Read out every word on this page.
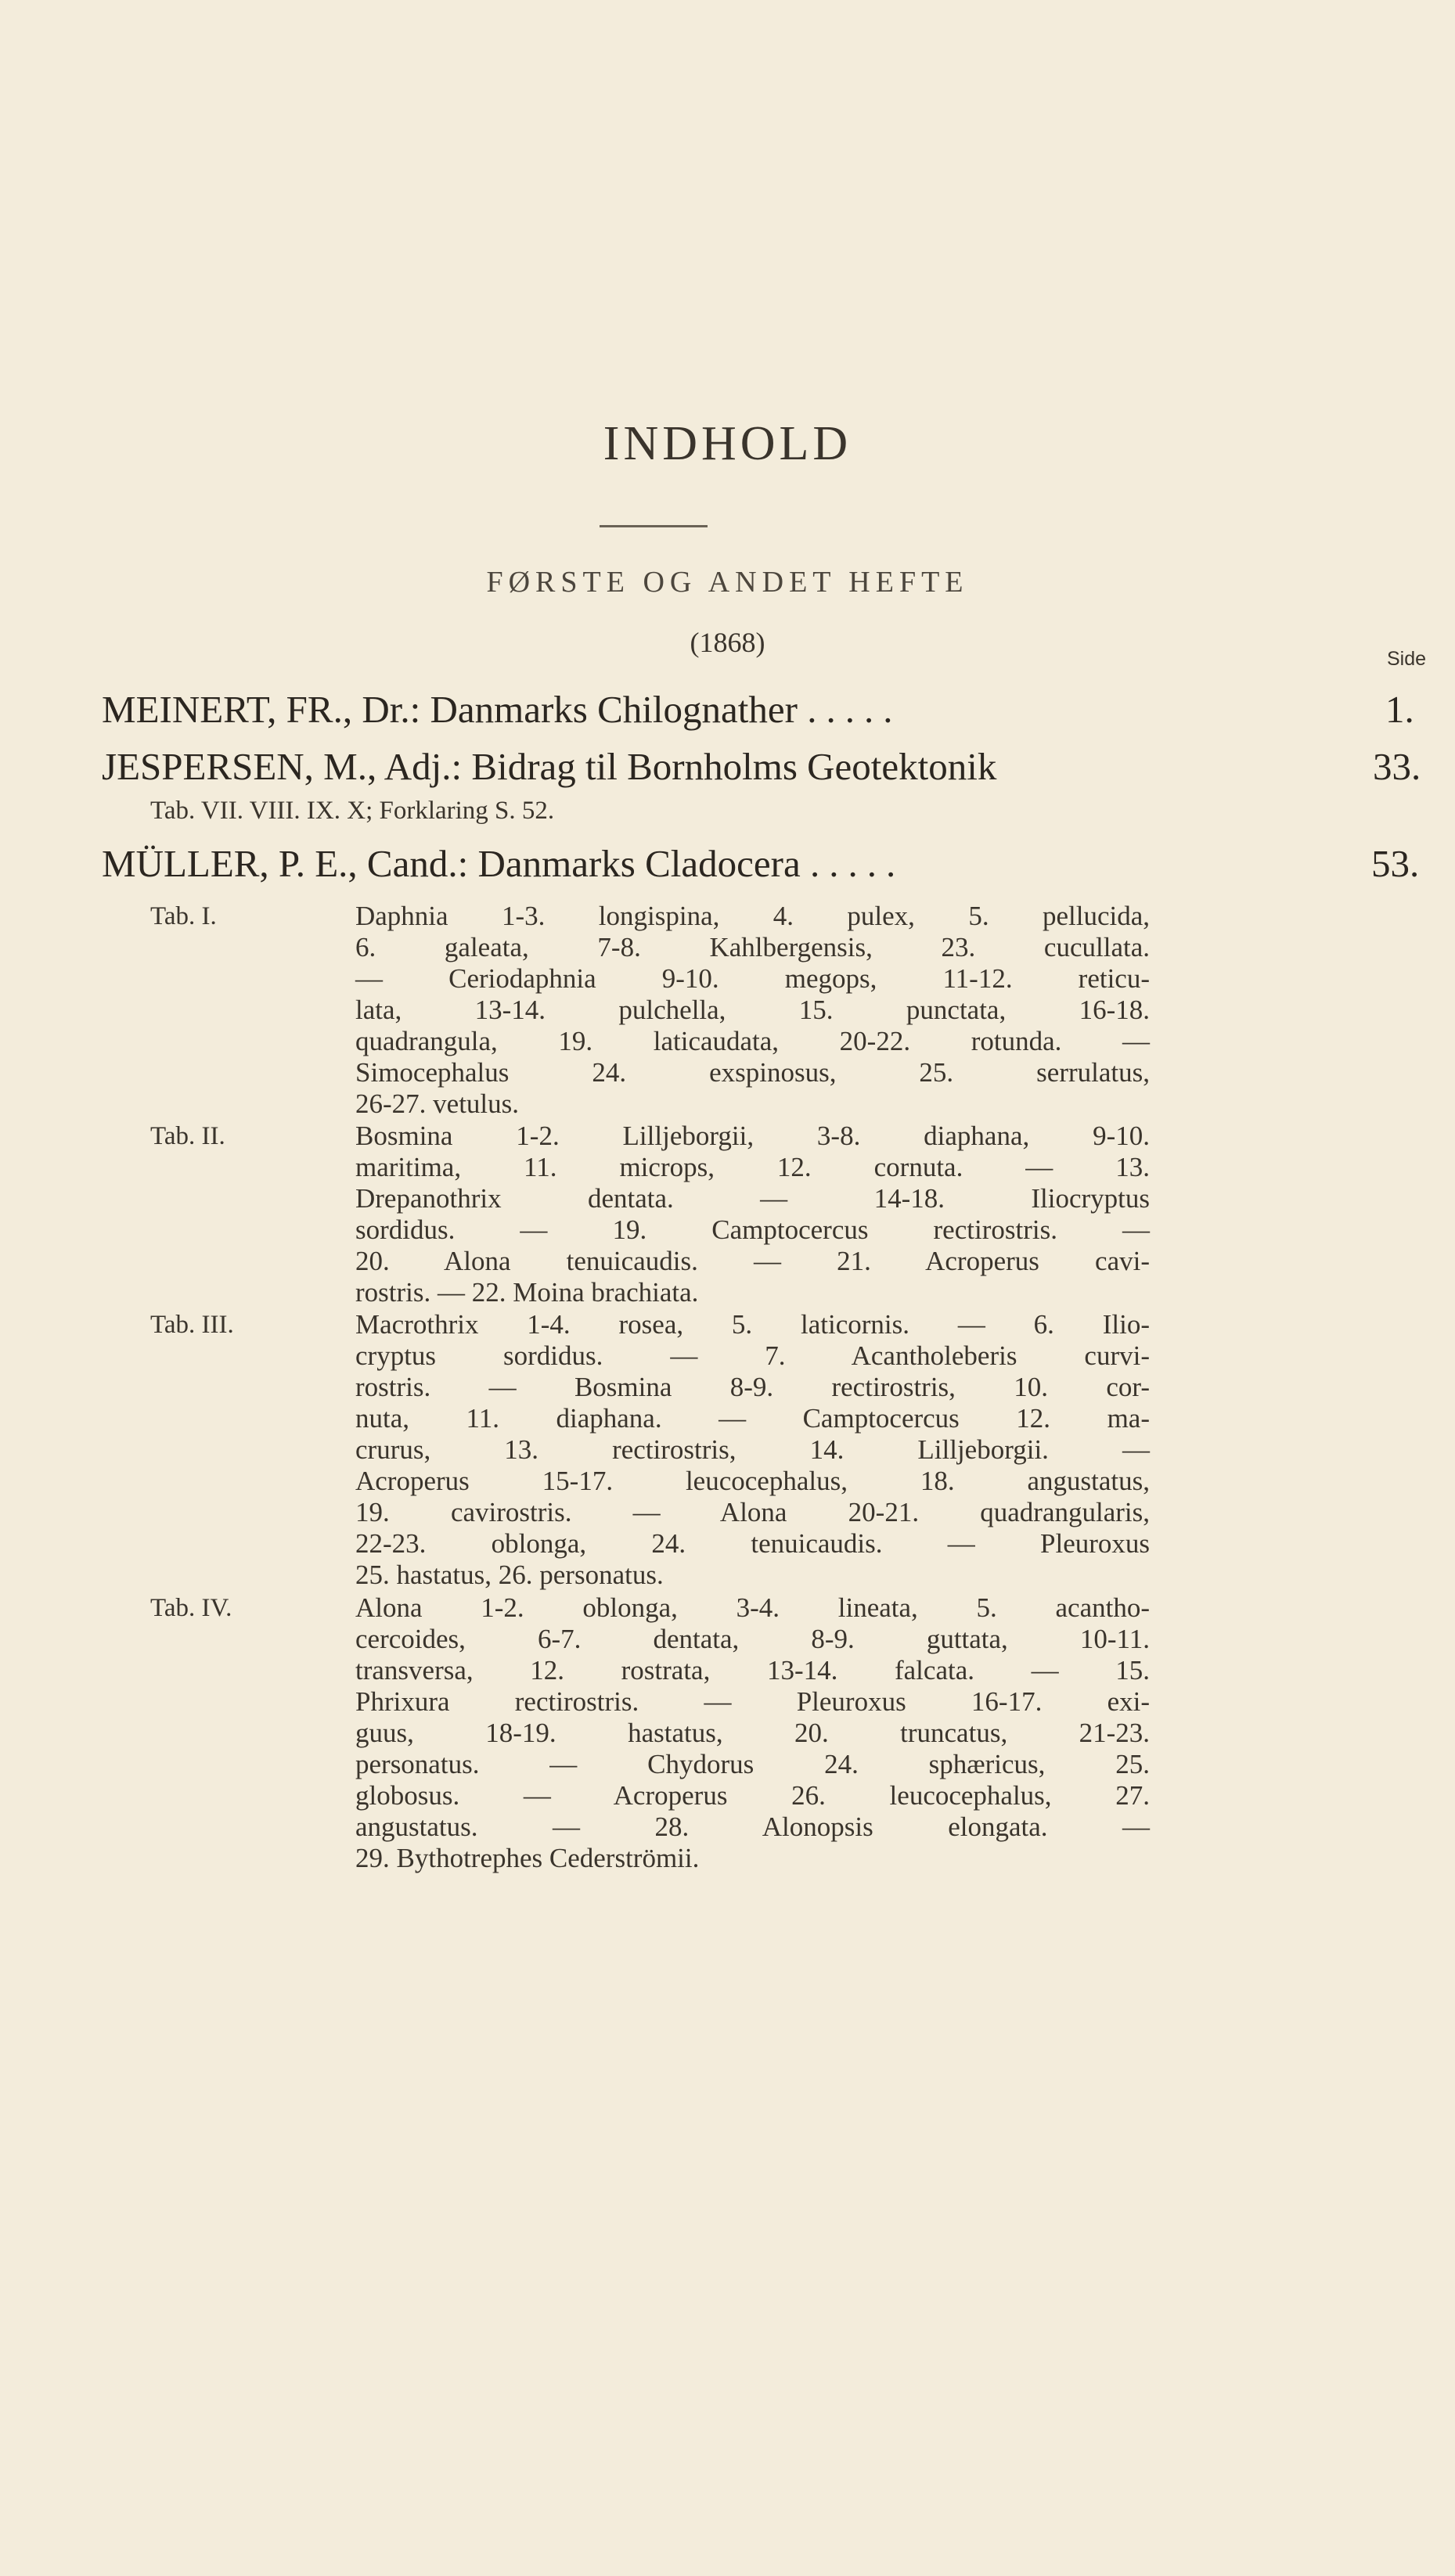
INDHOLD
FØRSTE OG ANDET HEFTE
(1868)
Side
MEINERT, FR., Dr.: Danmarks Chilognather .....	1.
JESPERSEN, M., Adj.: Bidrag til Bornholms Geotektonik	33.
Tab. VII. VIII. IX. X; Forklaring S. 52.
MÜLLER, P. E., Cand.: Danmarks Cladocera .....	53.
Tab. I.	Daphnia 1-3. longispina, 4. pulex, 5. pellucida,
6. galeata, 7-8. Kahlbergensis, 23. cucullata.
— Ceriodaphnia 9-10. megops, 11-12. reticu-
lata, 13-14. pulchella, 15. punctata, 16-18.
quadrangula, 19. laticaudata, 20-22. rotunda. —
Simocephalus 24. exspinosus, 25. serrulatus,
26-27. vetulus.
Tab. II.	Bosmina 1-2. Lilljeborgii, 3-8. diaphana, 9-10.
maritima, 11. microps, 12. cornuta. — 13.
Drepanothrix dentata. — 14-18. Iliocryptus
sordidus. — 19. Camptocercus rectirostris. —
20. Alona tenuicaudis. — 21. Acroperus cavi-
rostris. — 22. Moina brachiata.
Tab. III.	Macrothrix 1-4. rosea, 5. laticornis. — 6. Ilio-
cryptus sordidus. — 7. Acantholeberis curvi-
rostris. — Bosmina 8-9. rectirostris, 10. cor-
nuta, 11. diaphana. — Camptocercus 12. ma-
crurus, 13. rectirostris, 14. Lilljeborgii. —
Acroperus 15-17. leucocephalus, 18. angustatus,
19. cavirostris. — Alona 20-21. quadrangularis,
22-23. oblonga, 24. tenuicaudis. — Pleuroxus
25. hastatus, 26. personatus.
Tab. IV.	Alona 1-2. oblonga, 3-4. lineata, 5. acantho-
cercoides, 6-7. dentata, 8-9. guttata, 10-11.
transversa, 12. rostrata, 13-14. falcata. — 15.
Phrixura rectirostris. — Pleuroxus 16-17. exi-
guus, 18-19. hastatus, 20. truncatus, 21-23.
personatus. — Chydorus 24. sphæricus, 25.
globosus. — Acroperus 26. leucocephalus, 27.
angustatus. — 28. Alonopsis elongata. —
29. Bythotrephes Cederströmii.
